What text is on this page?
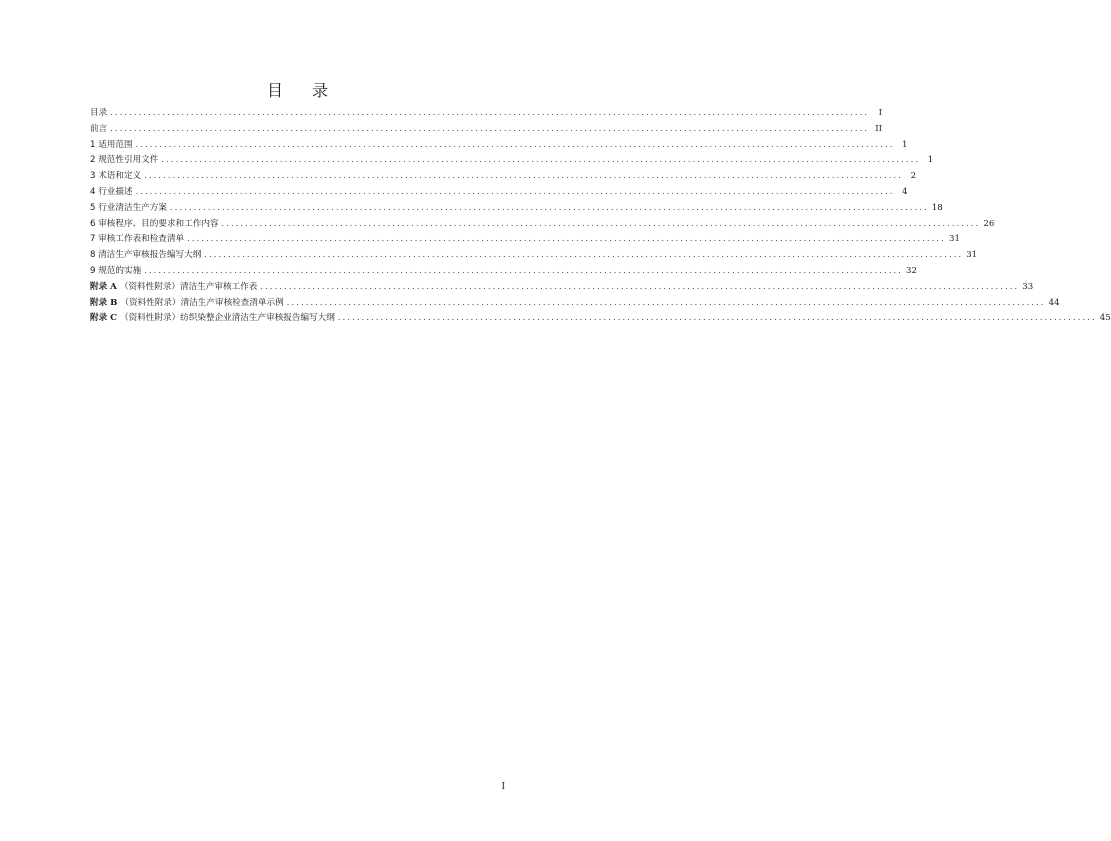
目 录
目录 ................................................................................................................................................................	I
前言 ................................................................................................................................................................ II
1 适用范围 ................................................................................................................................................................ 1
2 规范性引用文件 ................................................................................................................................................................ 1
3 术语和定义 ................................................................................................................................................................ 2
4 行业描述 ................................................................................................................................................................ 4
5 行业清洁生产方案 ................................................................................................................................................................ 18
6 审核程序、目的要求和工作内容 ................................................................................................................................................................ 26
7 审核工作表和检查清单 ................................................................................................................................................................ 31
8 清洁生产审核报告编写大纲 ................................................................................................................................................................ 31
9 规范的实施 ................................................................................................................................................................ 32
附录 A （资料性附录）清洁生产审核工作表 ................................................................................................................................................................ 33
附录 B （资料性附录）清洁生产审核检查清单示例 ................................................................................................................................................................ 44
附录 C （资料性附录）纺织染整企业清洁生产审核报告编写大纲 ................................................................................................................................................................ 45
I
